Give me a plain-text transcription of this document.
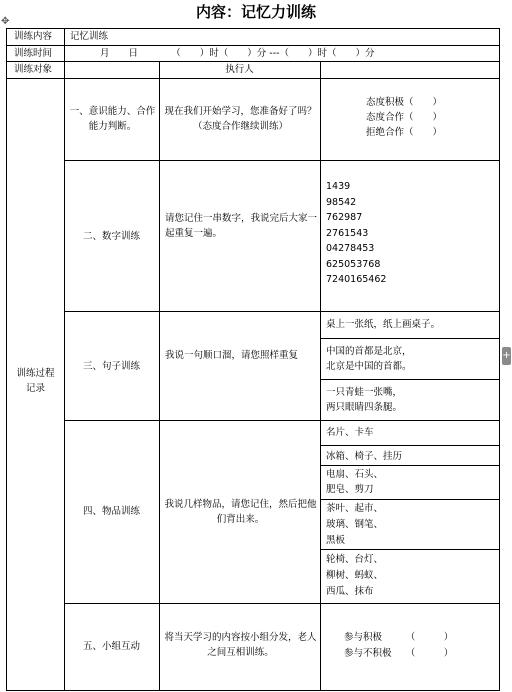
内容：记忆力训练
✥
+
训练内容 记忆训练
训练时间	月　　日　　　　（　　）时（　　）分 ---（　　）时（　　）分
训练对象	执行人
训练过程
记录
一、意识能力、合作能力判断。
现在我们开始学习，您准备好了吗？（态度合作继续训练）
态度积极（　　）
态度合作（　　）
拒绝合作（　　）
二、数字训练
请您记住一串数字，我说完后大家一起重复一遍。
1439
98542
762987
2761543
04278453
625053768
7240165462
三、句子训练
我说一句顺口溜，请您照样重复
桌上一张纸，纸上画桌子。
中国的首都是北京，
北京是中国的首都。
一只青蛙一张嘴，
两只眼睛四条腿。
四、物品训练
我说几样物品，请您记住，然后把他们背出来。
名片、卡车
冰箱、椅子、挂历
电扇、石头、
肥皂、剪刀
茶叶、起市、
玻璃、钢笔、
黑板
轮椅、台灯、
柳树、蚂蚁、
西瓜、抹布
五、小组互动
将当天学习的内容按小组分发，老人之间互相训练。
参与积极　　　（　　　）
参与不积极　　（　　　）
